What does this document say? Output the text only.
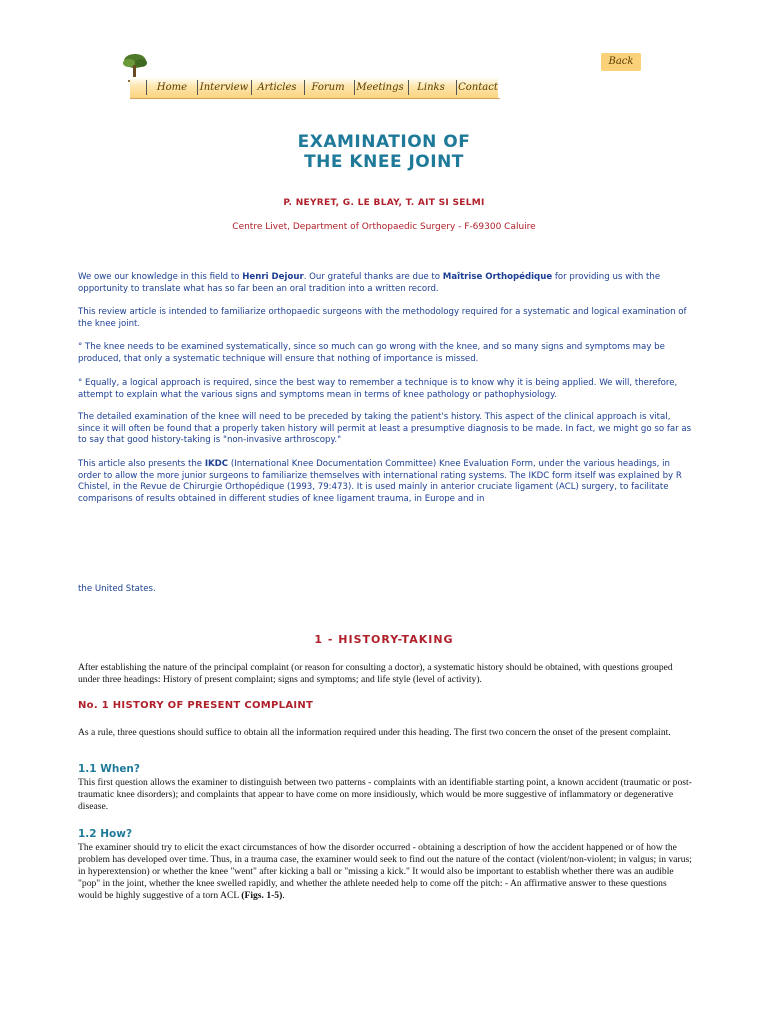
Back
Home	Interview Articles	Forum	Meetings	Links	Contact
EXAMINATION OF
THE KNEE JOINT
P. NEYRET, G. LE BLAY, T. AIT SI SELMI
Centre Livet, Department of Orthopaedic Surgery - F-69300 Caluire

We owe our knowledge in this field to Henri Dejour. Our grateful thanks are due to Maîtrise Orthopédique for providing us with the opportunity to translate what has so far been an oral tradition into a written record.

This review article is intended to familiarize orthopaedic surgeons with the methodology required for a systematic and logical examination of the knee joint.

° The knee needs to be examined systematically, since so much can go wrong with the knee, and so many signs and symptoms may be produced, that only a systematic technique will ensure that nothing of importance is missed.

° Equally, a logical approach is required, since the best way to remember a technique is to know why it is being applied. We will, therefore, attempt to explain what the various signs and symptoms mean in terms of knee pathology or pathophysiology.

The detailed examination of the knee will need to be preceded by taking the patient's history. This aspect of the clinical approach is vital, since it will often be found that a properly taken history will permit at least a presumptive diagnosis to be made. In fact, we might go so far as to say that good history-taking is "non-invasive arthroscopy."

This article also presents the IKDC (International Knee Documentation Committee) Knee Evaluation Form, under the various headings, in order to allow the more junior surgeons to familiarize themselves with international rating systems. The IKDC form itself was explained by R Chistel, in the Revue de Chirurgie Orthopédique (1993, 79:473). It is used mainly in anterior cruciate ligament (ACL) surgery, to facilitate comparisons of results obtained in different studies of knee ligament trauma, in Europe and in

the United States.

1 - HISTORY-TAKING

After establishing the nature of the principal complaint (or reason for consulting a doctor), a systematic history should be obtained, with questions grouped under three headings: History of present complaint; signs and symptoms; and life style (level of activity).

No. 1 HISTORY OF PRESENT COMPLAINT

As a rule, three questions should suffice to obtain all the information required under this heading. The first two concern the onset of the present complaint.

1.1 When?

This first question allows the examiner to distinguish between two patterns - complaints with an identifiable starting point, a known accident (traumatic or post-traumatic knee disorders); and complaints that appear to have come on more insidiously, which would be more suggestive of inflammatory or degenerative disease.

1.2 How?

The examiner should try to elicit the exact circumstances of how the disorder occurred - obtaining a description of how the accident happened or of how the problem has developed over time. Thus, in a trauma case, the examiner would seek to find out the nature of the contact (violent/non-violent; in valgus; in varus; in hyperextension) or whether the knee "went" after kicking a ball or "missing a kick." It would also be important to establish whether there was an audible "pop" in the joint, whether the knee swelled rapidly, and whether the athlete needed help to come off the pitch: - An affirmative answer to these questions would be highly suggestive of a torn ACL (Figs. 1-5).
